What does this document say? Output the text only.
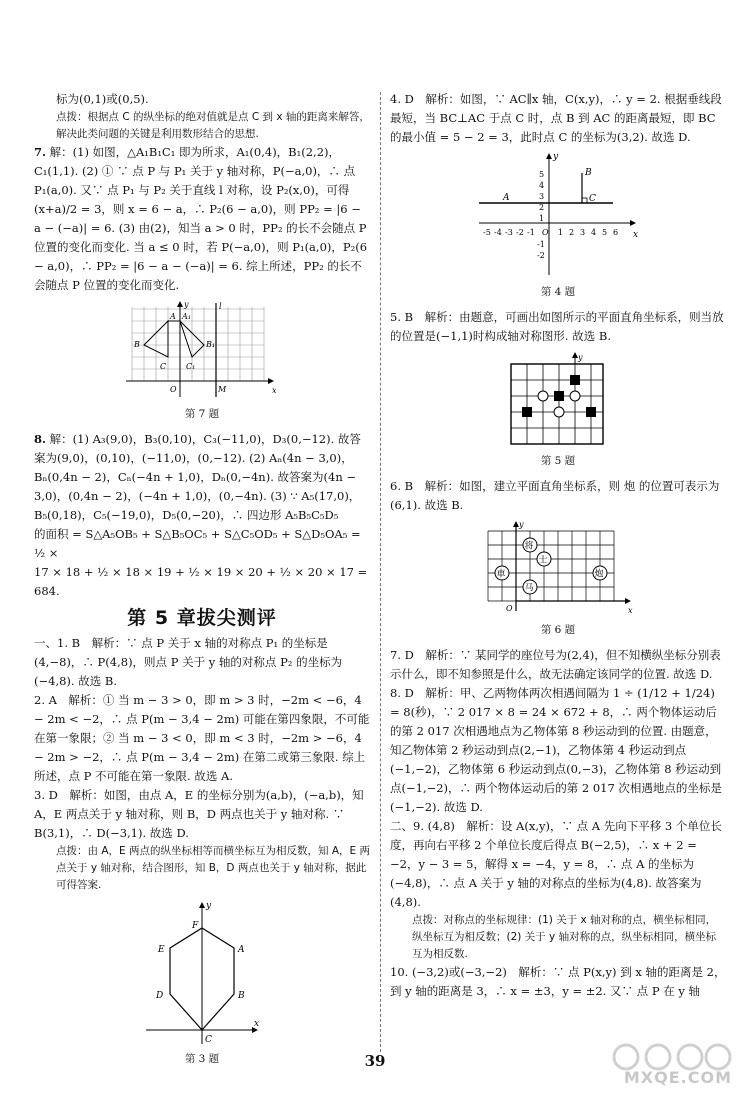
标为(0,1)或(0,5).

点拨：根据点 C 的纵坐标的绝对值就是点 C 到 x 轴的距离来解答，解决此类问题的关键是利用数形结合的思想.

7. 解：(1) 如图，△A₁B₁C₁ 即为所求，A₁(0,4)，B₁(2,2)，C₁(1,1). (2) ① ∵ 点 P 与 P₁ 关于 y 轴对称，P(−a,0)，∴ 点 P₁(a,0). 又∵ 点 P₁ 与 P₂ 关于直线 l 对称，设 P₂(x,0)，可得 (x+a)/2 = 3，则 x = 6 − a，∴ P₂(6 − a,0)，则 PP₂ = |6 − a − (−a)| = 6. (3) 由(2)，知当 a > 0 时，PP₂ 的长不会随点 P 位置的变化而变化. 当 a ≤ 0 时，若 P(−a,0)，则 P₁(a,0)，P₂(6 − a,0)，∴ PP₂ = |6 − a − (−a)| = 6. 综上所述，PP₂ 的长不会随点 P 位置的变化而变化.

A A₁
B	B₁
C C₁
O	M
l
x
y

第 7 题

8. 解：(1) A₃(9,0)，B₃(0,10)，C₃(−11,0)，D₃(0,−12). 故答案为(9,0)，(0,10)，(−11,0)，(0,−12). (2) Aₙ(4n − 3,0)，Bₙ(0,4n − 2)，Cₙ(−4n + 1,0)，Dₙ(0,−4n). 故答案为(4n − 3,0)，(0,4n − 2)，(−4n + 1,0)，(0,−4n). (3) ∵ A₅(17,0)，B₅(0,18)，C₅(−19,0)，D₅(0,−20)，∴ 四边形 A₅B₅C₅D₅

的面积 = S△A₅OB₅ + S△B₅OC₅ + S△C₅OD₅ + S△D₅OA₅ = ½ ×

17 × 18 + ½ × 18 × 19 + ½ × 19 × 20 + ½ × 20 × 17 = 684.

第 5 章拔尖测评

一、1. B　解析：∵ 点 P 关于 x 轴的对称点 P₁ 的坐标是(4,−8)，∴ P(4,8)，则点 P 关于 y 轴的对称点 P₂ 的坐标为(−4,8). 故选 B.

2. A　解析：① 当 m − 3 > 0，即 m > 3 时，−2m < −6，4 − 2m < −2，∴ 点 P(m − 3,4 − 2m) 可能在第四象限，不可能在第一象限；② 当 m − 3 < 0，即 m < 3 时，−2m > −6，4 − 2m > −2，∴ 点 P(m − 3,4 − 2m) 在第二或第三象限. 综上所述，点 P 不可能在第一象限. 故选 A.

3. D　解析：如图，由点 A，E 的坐标分别为(a,b)，(−a,b)，知 A，E 两点关于 y 轴对称，则 B，D 两点也关于 y 轴对称. ∵ B(3,1)，∴ D(−3,1). 故选 D.

点拨：由 A，E 两点的纵坐标相等而横坐标互为相反数，知 A，E 两点关于 y 轴对称，结合图形，知 B，D 两点也关于 y 轴对称，据此可得答案.

F
A
E
B
D
C
x
y

第 3 题

4. D　解析：如图，∵ AC∥x 轴，C(x,y)，∴ y = 2. 根据垂线段最短，当 BC⊥AC 于点 C 时，点 B 到 AC 的距离最短，即 BC 的最小值 = 5 − 2 = 3，此时点 C 的坐标为(3,2). 故选 D.

A
B
C
x
y
O
-5 -4 -3 -2 -1	1 2 3 4 5 6
5
4
3
2
1
-1
-2

第 4 题

5. B　解析：由题意，可画出如图所示的平面直角坐标系，则当放的位置是(−1,1)时构成轴对称图形. 故选 B.

y

第 5 题

6. B　解析：如图，建立平面直角坐标系，则 炮 的位置可表示为(6,1). 故选 B.

x
y
O
将
士
車
马
炮

第 6 题

7. D　解析：∵ 某同学的座位号为(2,4)，但不知横纵坐标分别表示什么，即不知参照是什么，故无法确定该同学的位置. 故选 D.

8. D　解析：甲、乙两物体两次相遇间隔为 1 ÷ (1/12 + 1/24) = 8(秒)，∵ 2 017 × 8 = 24 × 672 + 8，∴ 两个物体运动后的第 2 017 次相遇地点为乙物体第 8 秒运动到的位置. 由题意，知乙物体第 2 秒运动到点(2,−1)，乙物体第 4 秒运动到点(−1,−2)，乙物体第 6 秒运动到点(0,−3)，乙物体第 8 秒运动到点(−1,−2)，∴ 两个物体运动后的第 2 017 次相遇地点的坐标是(−1,−2). 故选 D.

二、9. (4,8)　解析：设 A(x,y)，∵ 点 A 先向下平移 3 个单位长度，再向右平移 2 个单位长度后得点 B(−2,5)，∴ x + 2 = −2，y − 3 = 5，解得 x = −4，y = 8，∴ 点 A 的坐标为(−4,8)，∴ 点 A 关于 y 轴的对称点的坐标为(4,8). 故答案为(4,8).

点拨：对称点的坐标规律：(1) 关于 x 轴对称的点，横坐标相同，纵坐标互为相反数；(2) 关于 y 轴对称的点，纵坐标相同，横坐标互为相反数.

10. (−3,2)或(−3,−2)　解析：∵ 点 P(x,y) 到 x 轴的距离是 2，到 y 轴的距离是 3，∴ x = ±3，y = ±2. 又∵ 点 P 在 y 轴

39
MXQE.COM
